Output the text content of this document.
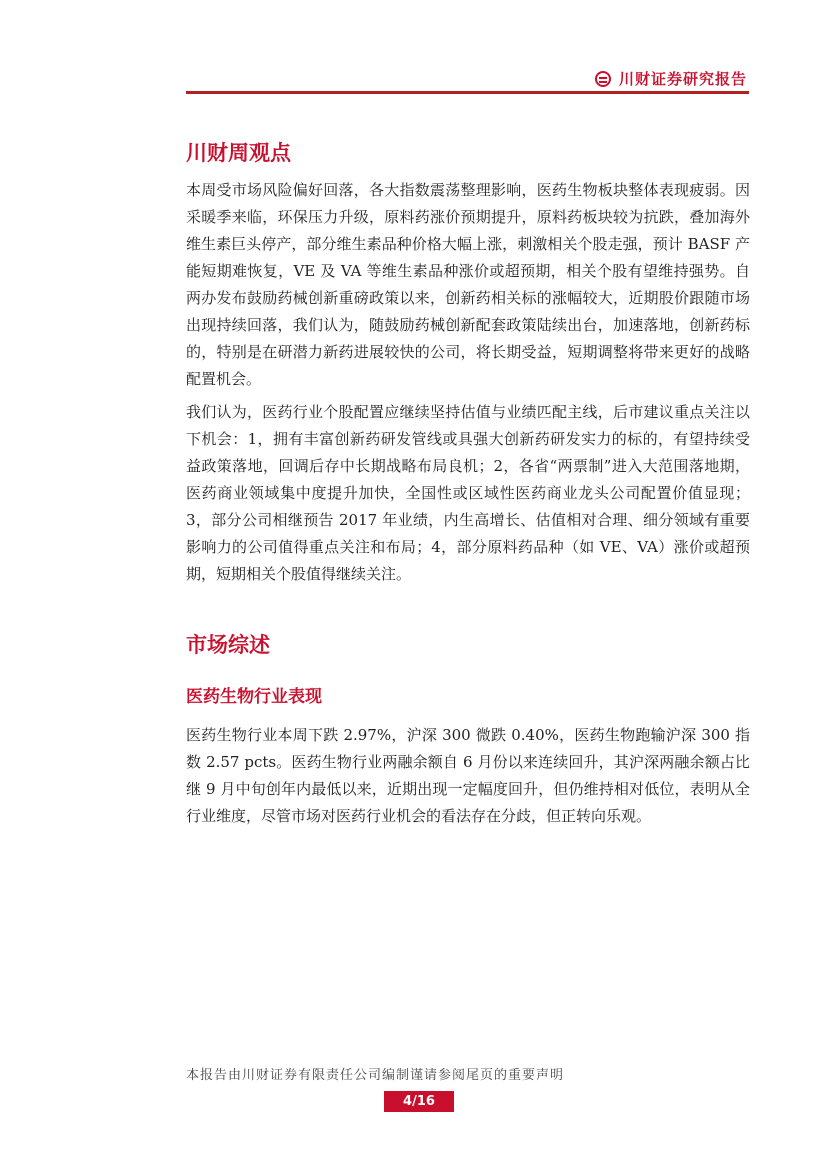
川财证券研究报告
川财周观点

本周受市场风险偏好回落，各大指数震荡整理影响，医药生物板块整体表现疲弱。因采暖季来临，环保压力升级，原料药涨价预期提升，原料药板块较为抗跌，叠加海外维生素巨头停产，部分维生素品种价格大幅上涨，刺激相关个股走强，预计 BASF 产能短期难恢复，VE 及 VA 等维生素品种涨价或超预期，相关个股有望维持强势。自两办发布鼓励药械创新重磅政策以来，创新药相关标的涨幅较大，近期股价跟随市场出现持续回落，我们认为，随鼓励药械创新配套政策陆续出台，加速落地，创新药标的，特别是在研潜力新药进展较快的公司，将长期受益，短期调整将带来更好的战略配置机会。

我们认为，医药行业个股配置应继续坚持估值与业绩匹配主线，后市建议重点关注以下机会：1，拥有丰富创新药研发管线或具强大创新药研发实力的标的，有望持续受益政策落地，回调后存中长期战略布局良机；2，各省“两票制”进入大范围落地期，医药商业领域集中度提升加快，全国性或区域性医药商业龙头公司配置价值显现；3，部分公司相继预告 2017 年业绩，内生高增长、估值相对合理、细分领域有重要影响力的公司值得重点关注和布局；4，部分原料药品种（如 VE、VA）涨价或超预期，短期相关个股值得继续关注。

市场综述
医药生物行业表现

医药生物行业本周下跌 2.97%，沪深 300 微跌 0.40%，医药生物跑输沪深 300 指数 2.57 pcts。医药生物行业两融余额自 6 月份以来连续回升，其沪深两融余额占比继 9 月中旬创年内最低以来，近期出现一定幅度回升，但仍维持相对低位，表明从全行业维度，尽管市场对医药行业机会的看法存在分歧，但正转向乐观。

本报告由川财证券有限责任公司编制谨请参阅尾页的重要声明
4/16
